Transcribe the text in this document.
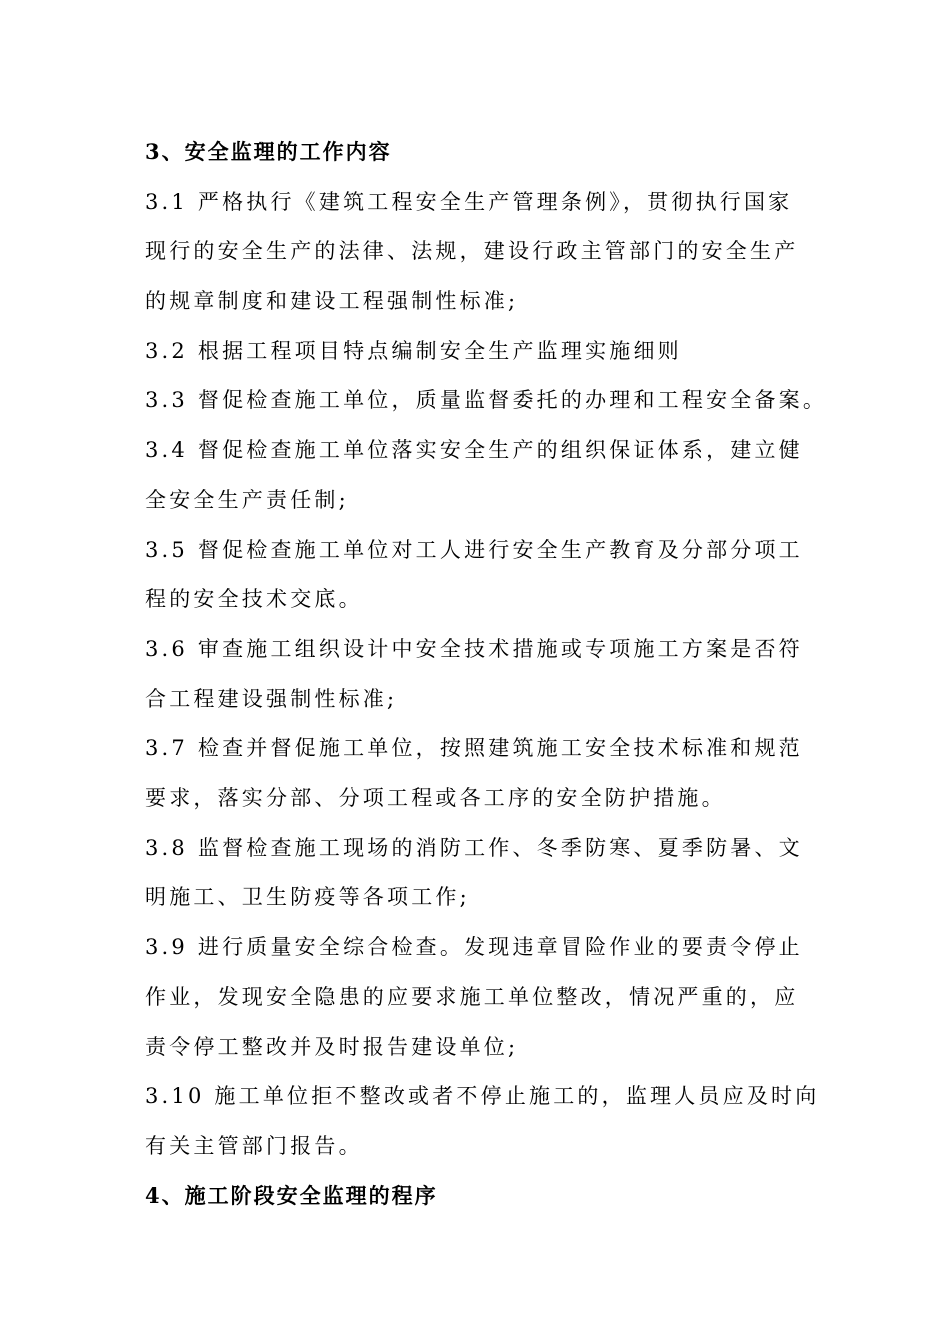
3、安全监理的工作内容
3.1 严格执行《建筑工程安全生产管理条例》，贯彻执行国家
现行的安全生产的法律、法规，建设行政主管部门的安全生产
的规章制度和建设工程强制性标准;
3.2 根据工程项目特点编制安全生产监理实施细则
3.3 督促检查施工单位，质量监督委托的办理和工程安全备案。
3.4 督促检查施工单位落实安全生产的组织保证体系，建立健
全安全生产责任制;
3.5 督促检查施工单位对工人进行安全生产教育及分部分项工
程的安全技术交底。
3.6 审查施工组织设计中安全技术措施或专项施工方案是否符
合工程建设强制性标准;
3.7 检查并督促施工单位，按照建筑施工安全技术标准和规范
要求，落实分部、分项工程或各工序的安全防护措施。
3.8 监督检查施工现场的消防工作、冬季防寒、夏季防暑、文
明施工、卫生防疫等各项工作;
3.9 进行质量安全综合检查。发现违章冒险作业的要责令停止
作业，发现安全隐患的应要求施工单位整改，情况严重的，应
责令停工整改并及时报告建设单位;
3.10 施工单位拒不整改或者不停止施工的，监理人员应及时向
有关主管部门报告。
4、施工阶段安全监理的程序
